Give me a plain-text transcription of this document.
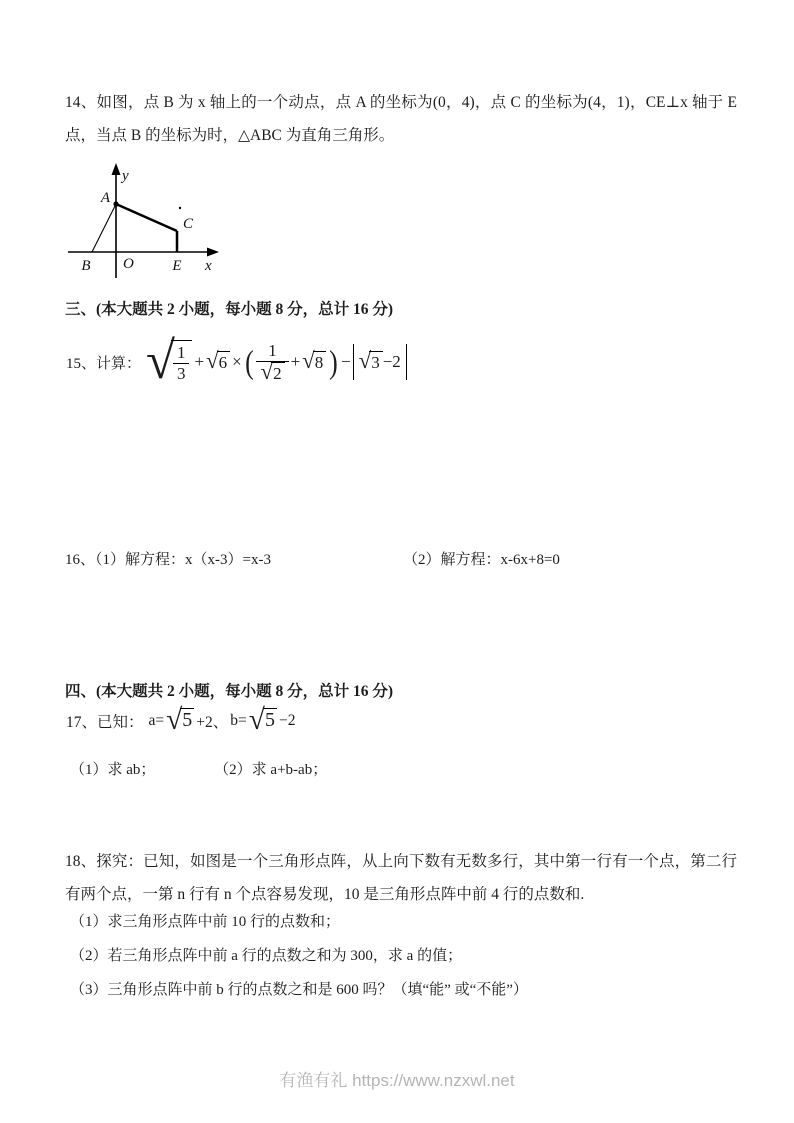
14、如图，点 B 为 x 轴上的一个动点，点 A 的坐标为(0，4)，点 C 的坐标为(4，1)，CE⊥x 轴于 E 点，当点 B 的坐标为时，△ABC 为直角三角形。
y
A
C
B O	E x
三、(本大题共 2 小题，每小题 8 分，总计 16 分)
15、计算： √
$\frac{1}{3}$ + √ 6 × ( $\frac{1}{√ 2}$ + √ 8 ) − √ 3 −2
16、（1）解方程：x（x-3）=x-3	（2）解方程：x-6x+8=0
四、(本大题共 2 小题，每小题 8 分，总计 16 分)
17、已知： a= √ 5 +2、 b= √ 5 −2
（1）求 ab；	（2）求 a+b-ab；
18、探究：已知，如图是一个三角形点阵，从上向下数有无数多行，其中第一行有一个点，第二行有两个点，一第 n 行有 n 个点容易发现，10 是三角形点阵中前 4 行的点数和.
（1）求三角形点阵中前 10 行的点数和；
（2）若三角形点阵中前 a 行的点数之和为 300，求 a 的值；
（3）三角形点阵中前 b 行的点数之和是 600 吗？（填“能” 或“不能”）
有渔有礼 https://www.nzxwl.net
